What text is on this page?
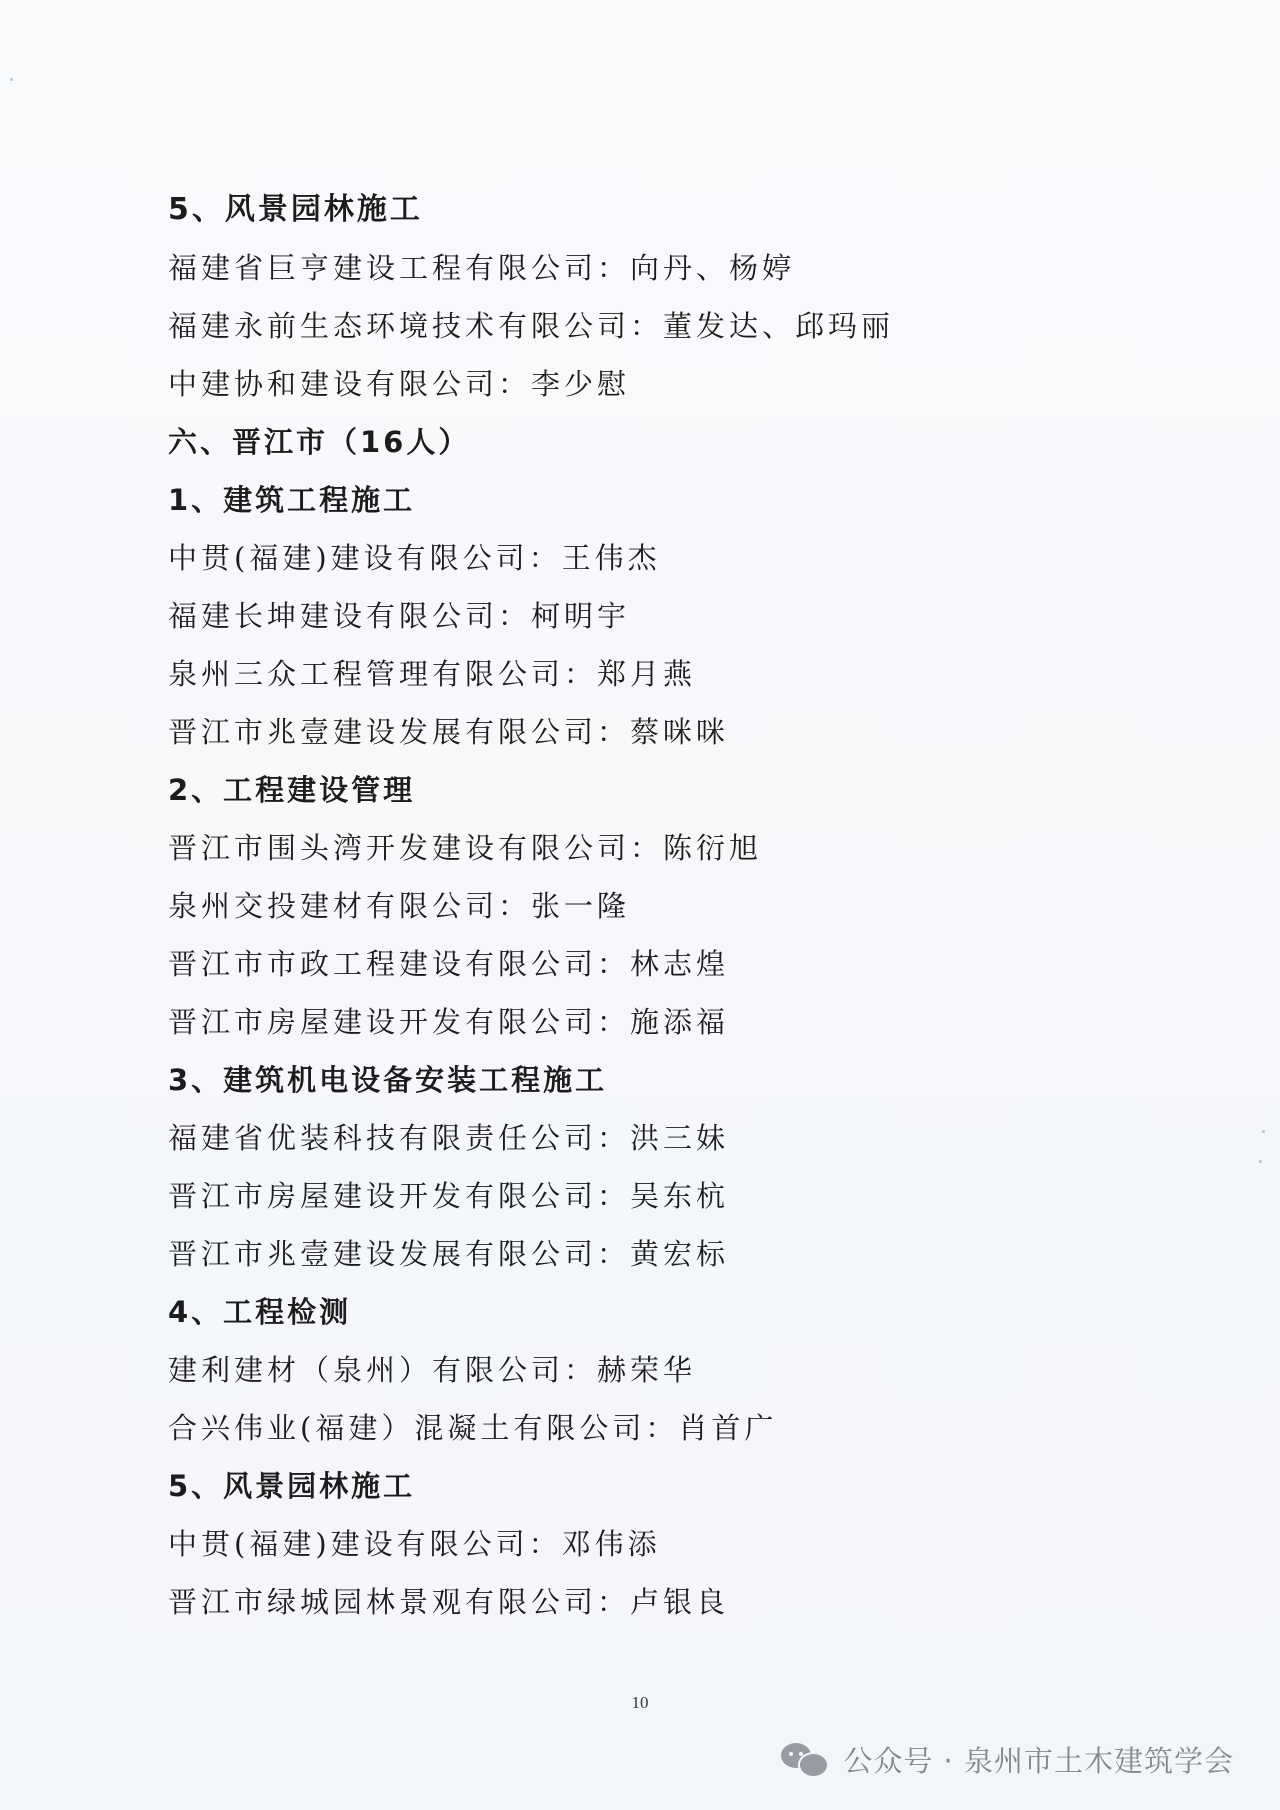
5、风景园林施工
福建省巨亨建设工程有限公司：向丹、杨婷
福建永前生态环境技术有限公司：董发达、邱玛丽
中建协和建设有限公司：李少慰
六、晋江市（16人）
1、建筑工程施工
中贯(福建)建设有限公司：王伟杰
福建长坤建设有限公司：柯明宇
泉州三众工程管理有限公司：郑月燕
晋江市兆壹建设发展有限公司：蔡咪咪
2、工程建设管理
晋江市围头湾开发建设有限公司：陈衍旭
泉州交投建材有限公司：张一隆
晋江市市政工程建设有限公司：林志煌
晋江市房屋建设开发有限公司：施添福
3、建筑机电设备安装工程施工
福建省优装科技有限责任公司：洪三妹
晋江市房屋建设开发有限公司：吴东杭
晋江市兆壹建设发展有限公司：黄宏标
4、工程检测
建利建材（泉州）有限公司：赫荣华
合兴伟业(福建）混凝土有限公司：肖首广
5、风景园林施工
中贯(福建)建设有限公司：邓伟添
晋江市绿城园林景观有限公司：卢银良
10
公众号 · 泉州市土木建筑学会
